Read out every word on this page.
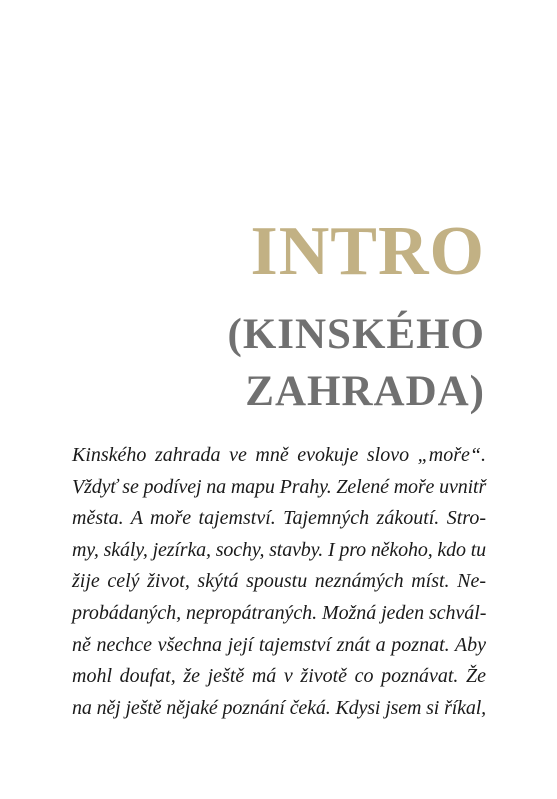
INTRO
(KINSKÉHO
ZAHRADA)
Kinského zahrada ve mně evokuje slovo „moře“.
Vždyť se podívej na mapu Prahy. Zelené moře uvnitř
města. A moře tajemství. Tajemných zákoutí. Stro-
my, skály, jezírka, sochy, stavby. I pro někoho, kdo tu
žije celý život, skýtá spoustu neznámých míst. Ne-
probádaných, nepropátraných. Možná jeden schvál-
ně nechce všechna její tajemství znát a poznat. Aby
mohl doufat, že ještě má v životě co poznávat. Že
na něj ještě nějaké poznání čeká. Kdysi jsem si říkal,
